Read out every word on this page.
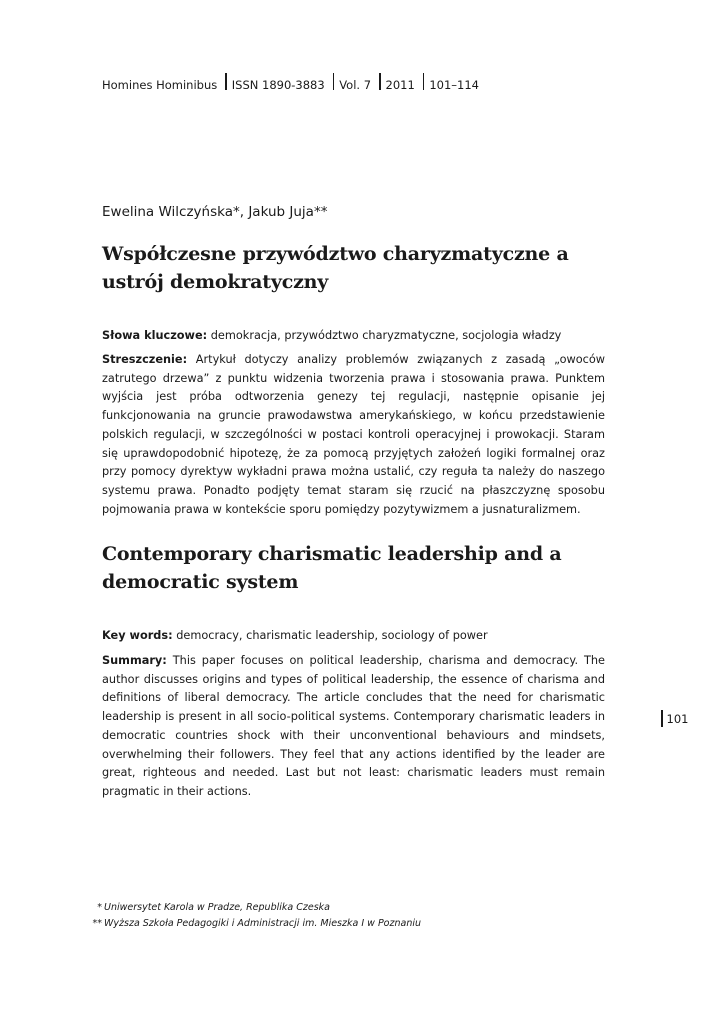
Homines Hominibus ISSN 1890-3883 Vol. 7 2011 101–114
Ewelina Wilczyńska*, Jakub Juja**
Współczesne przywództwo charyzmatyczne a ustrój demokratyczny

Słowa kluczowe: demokracja, przywództwo charyzmatyczne, socjologia władzy

Streszczenie: Artykuł dotyczy analizy problemów związanych z zasadą „owoców zatrutego drzewa” z punktu widzenia tworzenia prawa i stosowania prawa. Punktem wyjścia jest próba odtworzenia genezy tej regulacji, następnie opisanie jej funkcjonowania na gruncie prawodawstwa amerykańskiego, w końcu przedstawienie polskich regulacji, w szczególności w postaci kontroli operacyjnej i prowokacji. Staram się uprawdopodobnić hipotezę, że za pomocą przyjętych założeń logiki formalnej oraz przy pomocy dyrektyw wykładni prawa można ustalić, czy reguła ta należy do naszego systemu prawa. Ponadto podjęty temat staram się rzucić na płaszczyznę sposobu pojmowania prawa w kontekście sporu pomiędzy pozytywizmem a jusnaturalizmem.

Contemporary charismatic leadership and a democratic system

Key words: democracy, charismatic leadership, sociology of power

Summary: This paper focuses on political leadership, charisma and democracy. The author discusses origins and types of political leadership, the essence of charisma and definitions of liberal democracy. The article concludes that the need for charismatic leadership is present in all socio-political systems. Contemporary charismatic leaders in democratic countries shock with their unconventional behaviours and mindsets, overwhelming their followers. They feel that any actions identified by the leader are great, righteous and needed. Last but not least: charismatic leaders must remain pragmatic in their actions.

101
* Uniwersytet Karola w Pradze, Republika Czeska
** Wyższa Szkoła Pedagogiki i Administracji im. Mieszka I w Poznaniu
